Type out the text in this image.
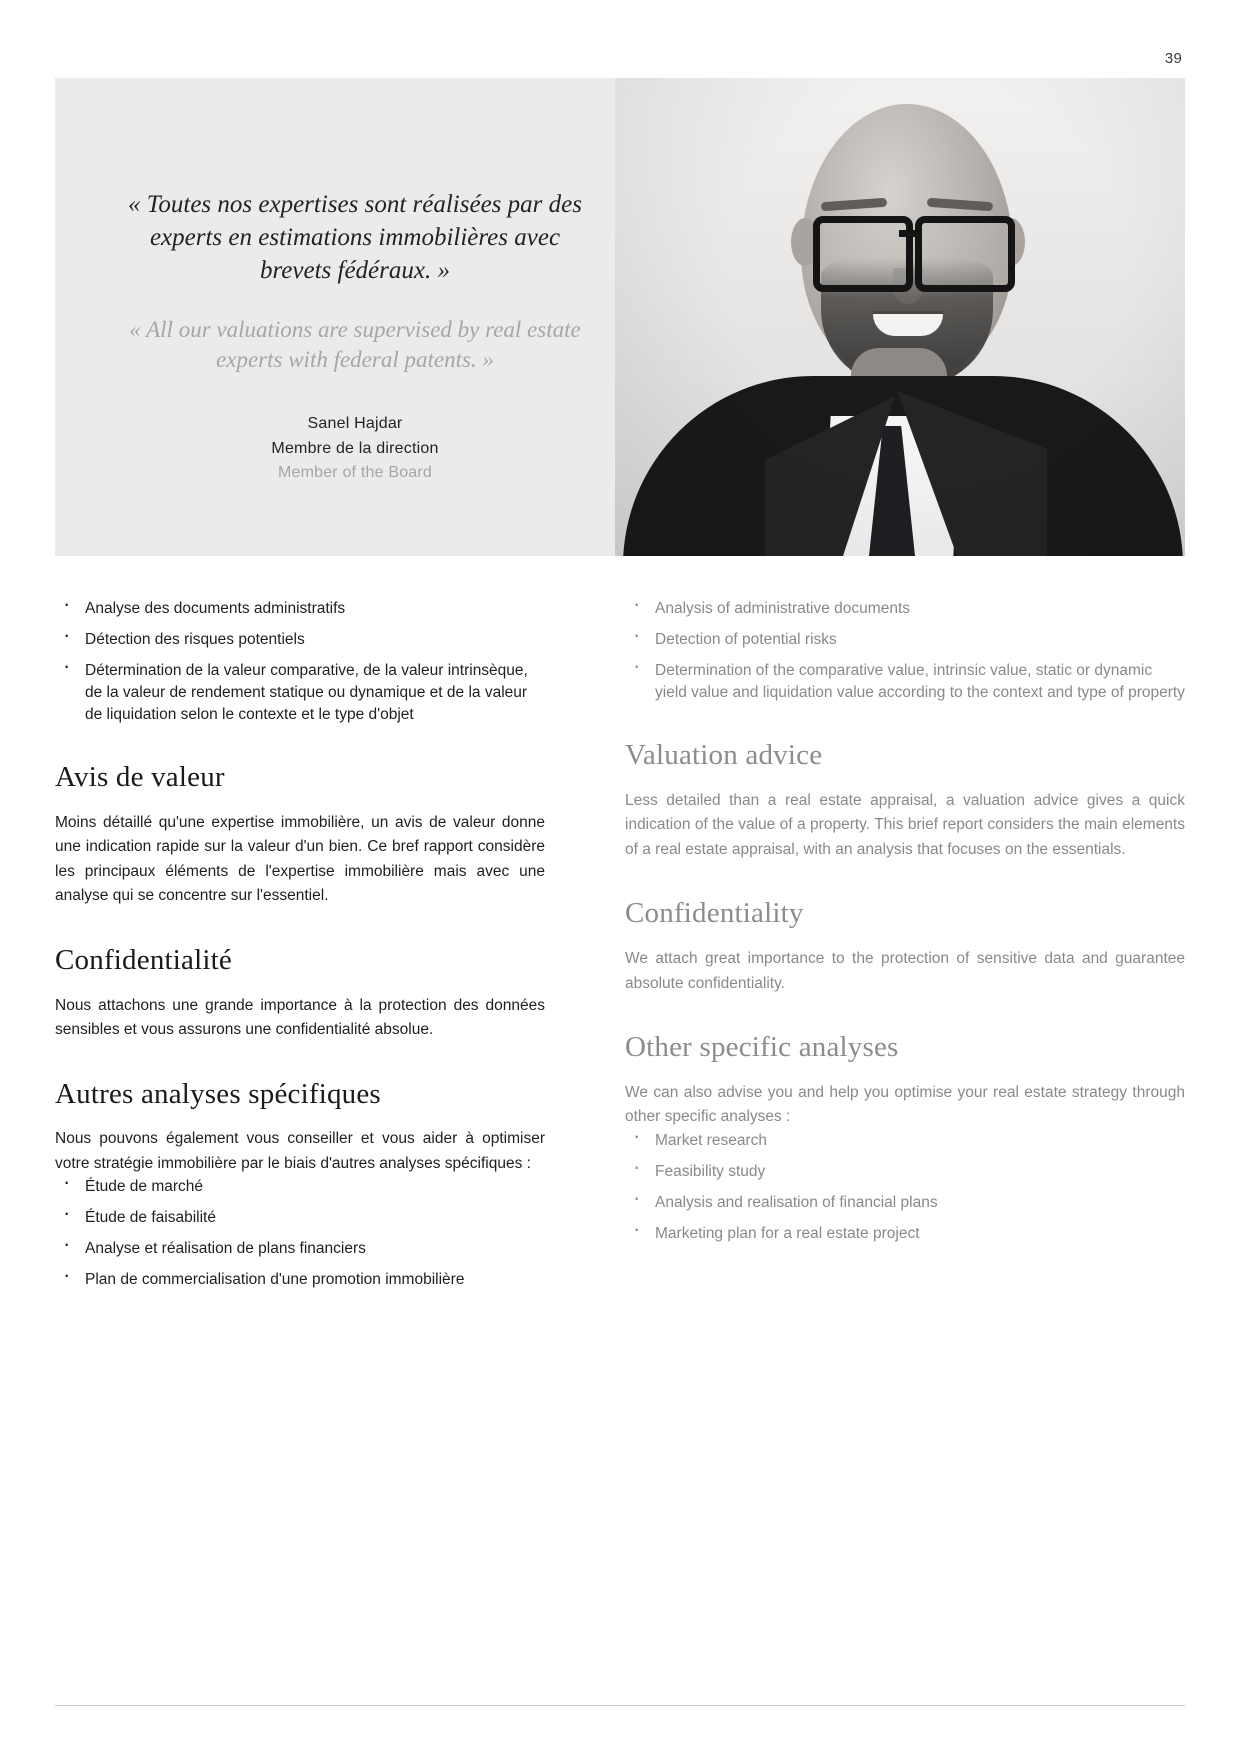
39

« Toutes nos expertises sont réalisées par des experts en estimations immobilières avec brevets fédéraux. »

« All our valuations are supervised by real estate experts with federal patents. »

Sanel Hajdar
Membre de la direction
Member of the Board
· Analyse des documents administratifs
· Détection des risques potentiels
· Détermination de la valeur comparative, de la valeur intrinsèque, de la valeur de rendement statique ou dynamique et de la valeur de liquidation selon le contexte et le type d'objet
Avis de valeur

Moins détaillé qu'une expertise immobilière, un avis de valeur donne une indication rapide sur la valeur d'un bien. Ce bref rapport considère les principaux éléments de l'expertise immobilière mais avec une analyse qui se concentre sur l'essentiel.

Confidentialité

Nous attachons une grande importance à la protection des données sensibles et vous assurons une confidentialité absolue.

Autres analyses spécifiques

Nous pouvons également vous conseiller et vous aider à optimiser votre stratégie immobilière par le biais d'autres analyses spécifiques :

· Étude de marché
· Étude de faisabilité
· Analyse et réalisation de plans financiers
· Plan de commercialisation d'une promotion immobilière
· Analysis of administrative documents
· Detection of potential risks
· Determination of the comparative value, intrinsic value, static or dynamic yield value and liquidation value according to the context and type of property
Valuation advice

Less detailed than a real estate appraisal, a valuation advice gives a quick indication of the value of a property. This brief report considers the main elements of a real estate appraisal, with an analysis that focuses on the essentials.

Confidentiality

We attach great importance to the protection of sensitive data and guarantee absolute confidentiality.

Other specific analyses

We can also advise you and help you optimise your real estate strategy through other specific analyses :

· Market research
· Feasibility study
· Analysis and realisation of financial plans
· Marketing plan for a real estate project
